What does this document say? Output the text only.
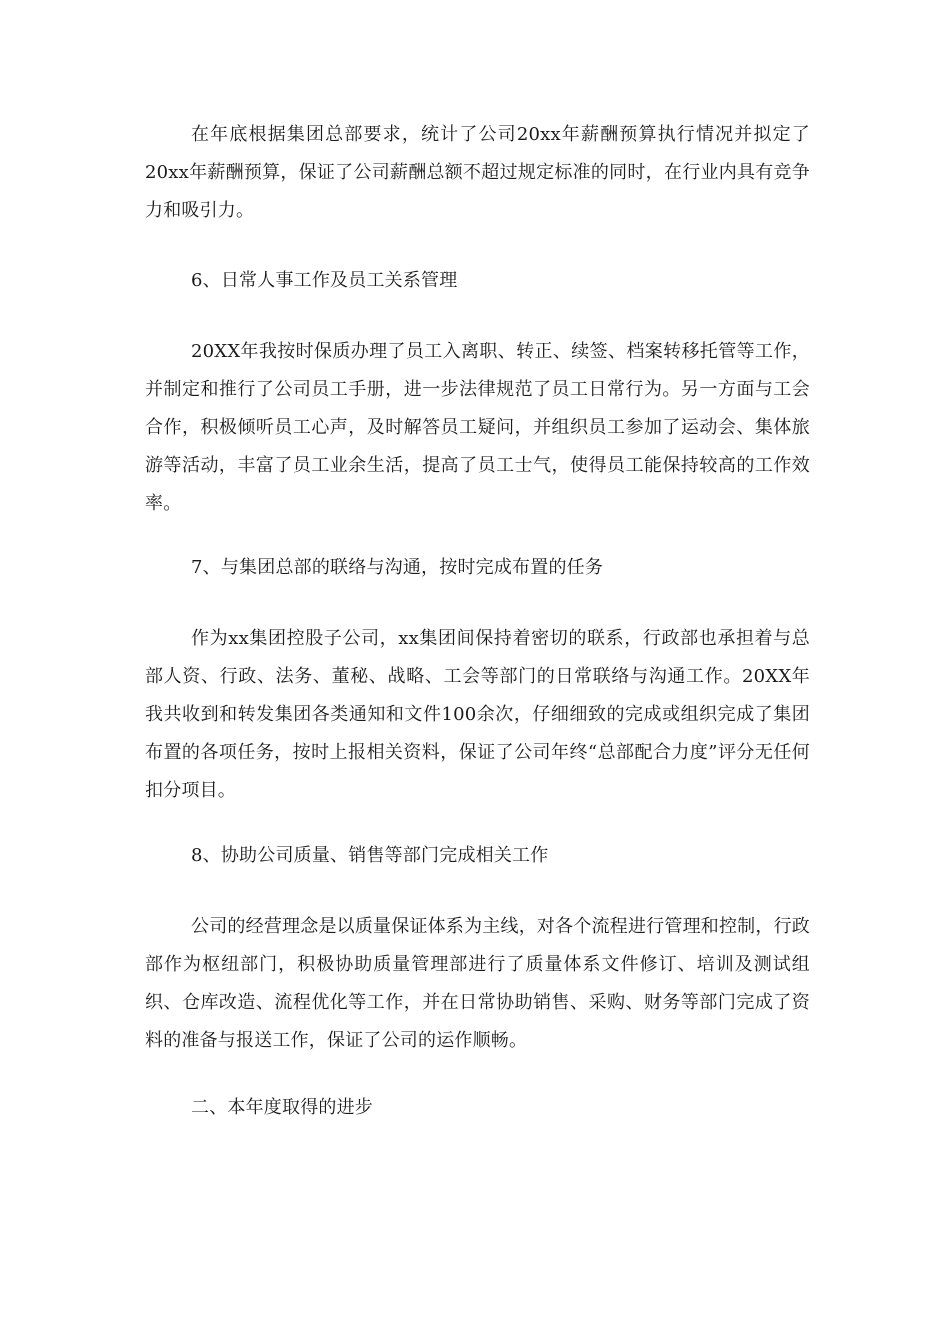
在年底根据集团总部要求，统计了公司20xx年薪酬预算执行情况并拟定了20xx年薪酬预算，保证了公司薪酬总额不超过规定标准的同时，在行业内具有竞争力和吸引力。

6、日常人事工作及员工关系管理

20XX年我按时保质办理了员工入离职、转正、续签、档案转移托管等工作，并制定和推行了公司员工手册，进一步法律规范了员工日常行为。另一方面与工会合作，积极倾听员工心声，及时解答员工疑问，并组织员工参加了运动会、集体旅游等活动，丰富了员工业余生活，提高了员工士气，使得员工能保持较高的工作效率。

7、与集团总部的联络与沟通，按时完成布置的任务

作为xx集团控股子公司，xx集团间保持着密切的联系，行政部也承担着与总部人资、行政、法务、董秘、战略、工会等部门的日常联络与沟通工作。20XX年我共收到和转发集团各类通知和文件100余次，仔细细致的完成或组织完成了集团布置的各项任务，按时上报相关资料，保证了公司年终“总部配合力度”评分无任何扣分项目。

8、协助公司质量、销售等部门完成相关工作

公司的经营理念是以质量保证体系为主线，对各个流程进行管理和控制，行政部作为枢纽部门，积极协助质量管理部进行了质量体系文件修订、培训及测试组织、仓库改造、流程优化等工作，并在日常协助销售、采购、财务等部门完成了资料的准备与报送工作，保证了公司的运作顺畅。

二、本年度取得的进步
